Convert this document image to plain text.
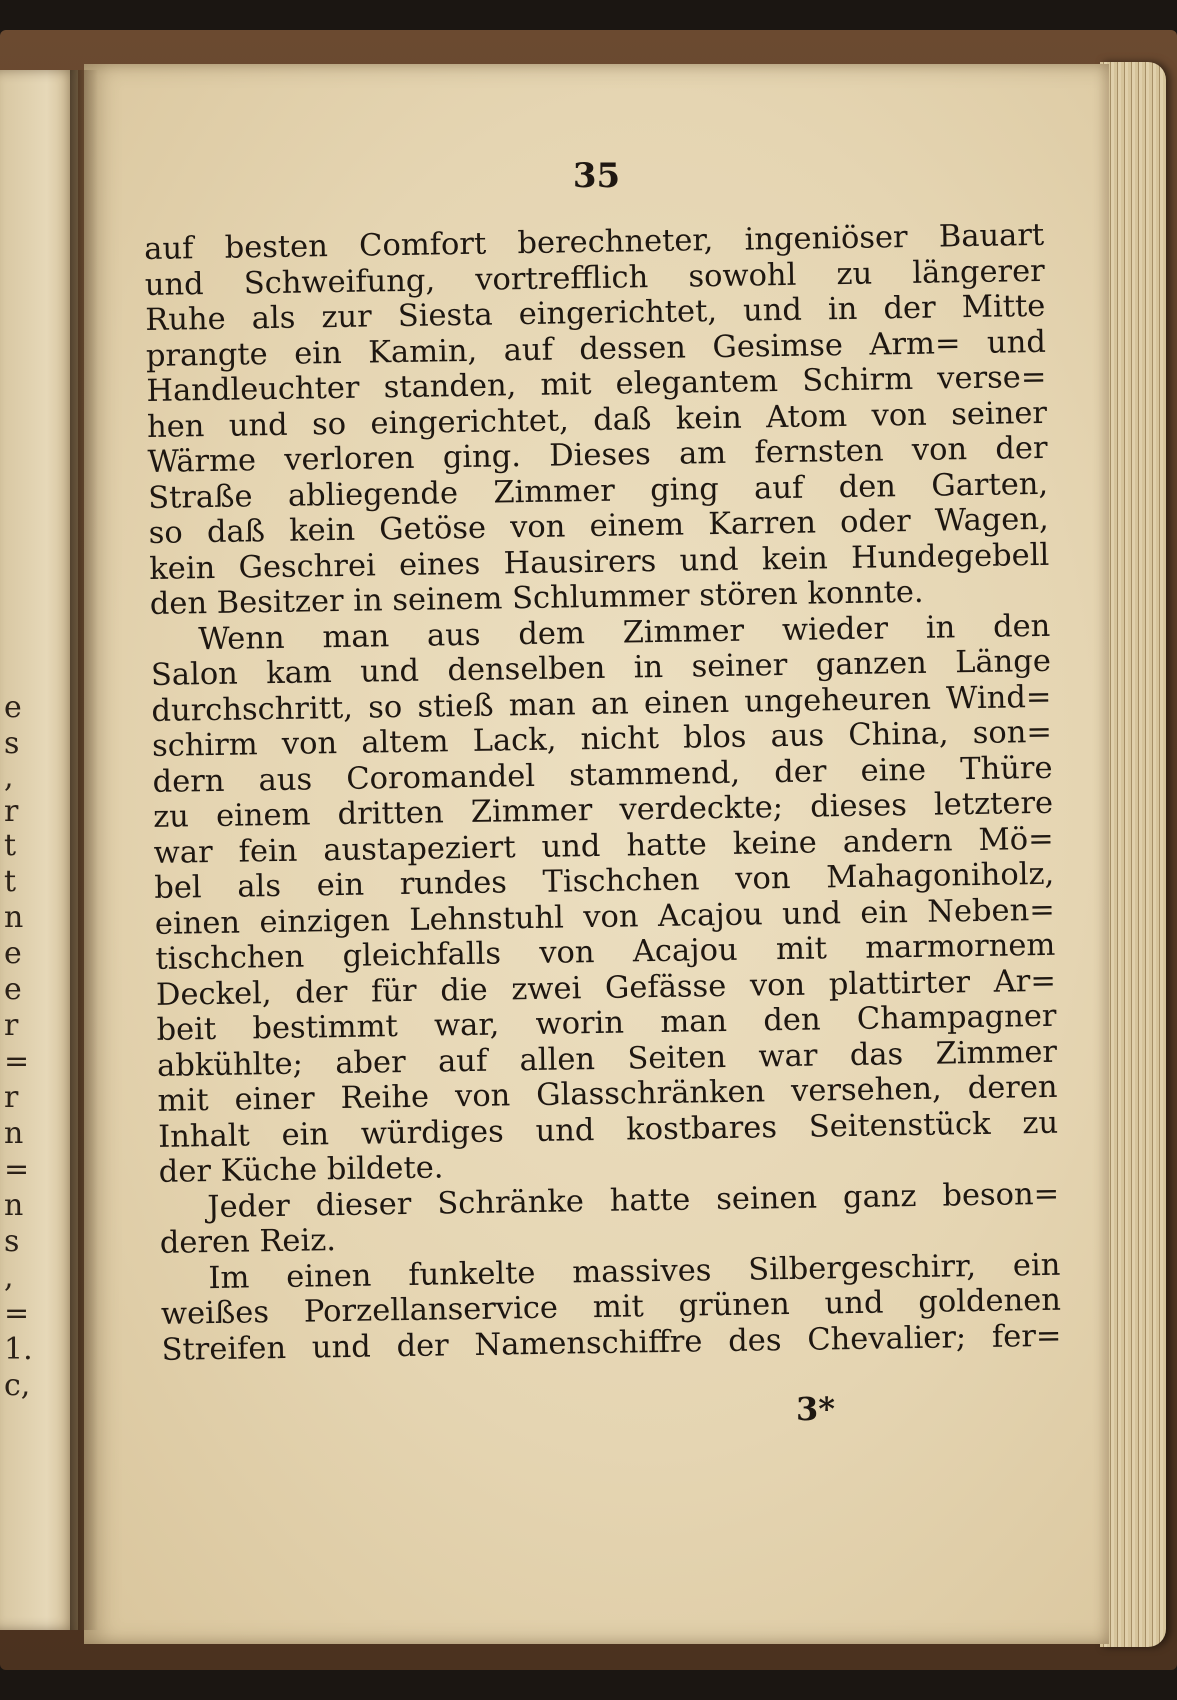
e
s
,
r
t
t
n
e
e
r
=
r
n
=
n
s
,
=
1.
c,
35
auf besten Comfort berechneter, ingeniöser Bauart
und Schweifung, vortrefflich sowohl zu längerer
Ruhe als zur Siesta eingerichtet, und in der Mitte
prangte ein Kamin, auf dessen Gesimse Arm= und
Handleuchter standen, mit elegantem Schirm verse=
hen und so eingerichtet, daß kein Atom von seiner
Wärme verloren ging. Dieses am fernsten von der
Straße abliegende Zimmer ging auf den Garten,
so daß kein Getöse von einem Karren oder Wagen,
kein Geschrei eines Hausirers und kein Hundegebell
den Besitzer in seinem Schlummer stören konnte.
Wenn man aus dem Zimmer wieder in den
Salon kam und denselben in seiner ganzen Länge
durchschritt, so stieß man an einen ungeheuren Wind=
schirm von altem Lack, nicht blos aus China, son=
dern aus Coromandel stammend, der eine Thüre
zu einem dritten Zimmer verdeckte; dieses letztere
war fein austapeziert und hatte keine andern Mö=
bel als ein rundes Tischchen von Mahagoniholz,
einen einzigen Lehnstuhl von Acajou und ein Neben=
tischchen gleichfalls von Acajou mit marmornem
Deckel, der für die zwei Gefässe von plattirter Ar=
beit bestimmt war, worin man den Champagner
abkühlte; aber auf allen Seiten war das Zimmer
mit einer Reihe von Glasschränken versehen, deren
Inhalt ein würdiges und kostbares Seitenstück zu
der Küche bildete.
Jeder dieser Schränke hatte seinen ganz beson=
deren Reiz.
Im einen funkelte massives Silbergeschirr, ein
weißes Porzellanservice mit grünen und goldenen
Streifen und der Namenschiffre des Chevalier; fer=
3*
